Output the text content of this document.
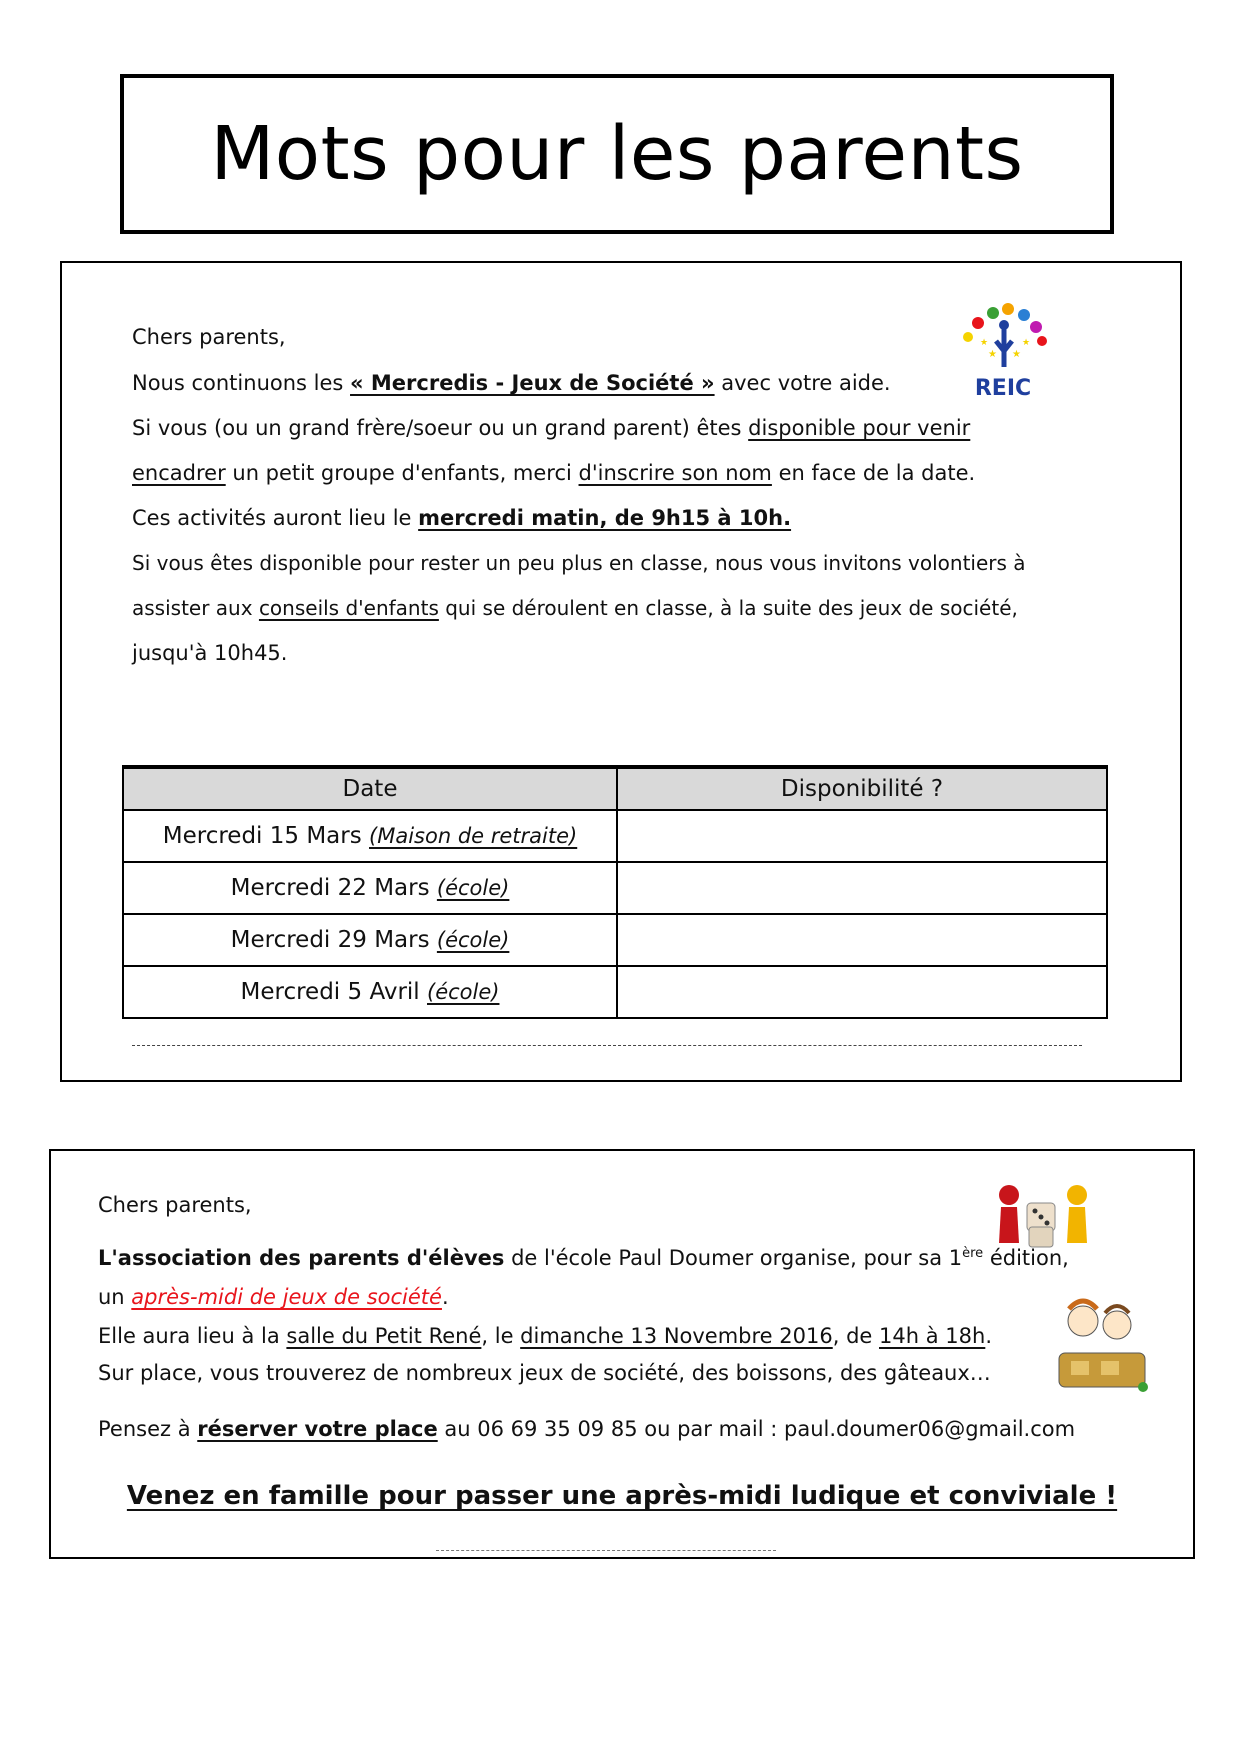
Mots pour les parents
★ ★
★	★
REIC
Chers parents,
Nous continuons les « Mercredis - Jeux de Société » avec votre aide.
Si vous (ou un grand frère/soeur ou un grand parent) êtes disponible pour venir
encadrer un petit groupe d'enfants, merci d'inscrire son nom en face de la date.
Ces activités auront lieu le mercredi matin, de 9h15 à 10h.
Si vous êtes disponible pour rester un peu plus en classe, nous vous invitons volontiers à
assister aux conseils d'enfants qui se déroulent en classe, à la suite des jeux de société,
jusqu'à 10h45.
Date	Disponibilité ?
Mercredi 15 Mars (Maison de retraite)	
Mercredi 22 Mars (école)	
Mercredi 29 Mars (école)	
Mercredi 5 Avril (école)	
Chers parents,
L'association des parents d'élèves de l'école Paul Doumer organise, pour sa 1ère édition,
un après-midi de jeux de société.
Elle aura lieu à la salle du Petit René, le dimanche 13 Novembre 2016, de 14h à 18h.
Sur place, vous trouverez de nombreux jeux de société, des boissons, des gâteaux…
Pensez à réserver votre place au 06 69 35 09 85 ou par mail : paul.doumer06@gmail.com
Venez en famille pour passer une après-midi ludique et conviviale !
